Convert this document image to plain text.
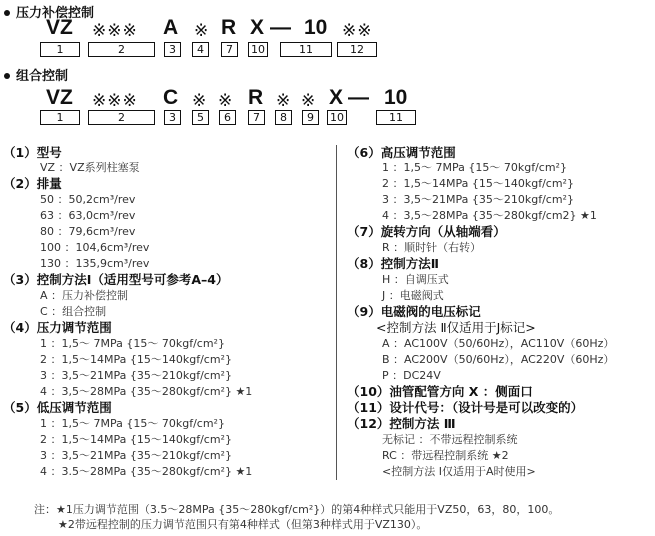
压力补偿控制
VZ ※※※ A ※ R X — 10 ※※
1	2	3	4	7	10	11	12
组合控制
VZ ※※※ C ※ ※ R ※ ※ X — 10
1	2	3	5	6	7	8	9	10	11
（1）型号
VZ ：VZ系列柱塞泵
（2）排量
50 ：50,2cm³/rev
63 ：63,0cm³/rev
80 ：79,6cm³/rev
100 ：104,6cm³/rev
130 ：135,9cm³/rev
（3）控制方法Ⅰ（适用型号可参考A–4）
A ：压力补偿控制
C ：组合控制
（4）压力调节范围
1 ：1,5～ 7MPa {15～ 70kgf/cm²}
2 ：1,5～14MPa {15～140kgf/cm²}
3 ：3,5～21MPa {35～210kgf/cm²}
4 ：3,5～28MPa {35～280kgf/cm²} ★1
（5）低压调节范围
1 ：1,5～ 7MPa {15～ 70kgf/cm²}
2 ：1,5～14MPa {15～140kgf/cm²}
3 ：3,5～21MPa {35～210kgf/cm²}
4 ：3.5～28MPa {35～280kgf/cm²} ★1
（6）高压调节范围
1 ：1,5～ 7MPa {15～ 70kgf/cm²}
2 ：1,5～14MPa {15～140kgf/cm²}
3 ：3,5～21MPa {35～210kgf/cm²}
4 ：3,5～28MPa {35～280kgf/cm2} ★1
（7）旋转方向（从轴端看）
R ：顺时针（右转）
（8）控制方法Ⅱ
H ：自调压式
J ：电磁阀式
（9）电磁阀的电压标记
<控制方法 Ⅱ仅适用于J标记>
A ：AC100V（50/60Hz），AC110V（60Hz）
B ：AC200V（50/60Hz），AC220V（60Hz）
P ：DC24V
（10）油管配管方向 X ：侧面口
（11）设计代号：（设计号是可以改变的）
（12）控制方法 Ⅲ
无标记 ：不带远程控制系统
RC ：带远程控制系统 ★2
<控制方法 Ⅰ仅适用于A时使用>
注：★1压力调节范围（3.5～28MPa {35～280kgf/cm²}）的第4种样式只能用于VZ50，63，80，100。
★2带远程控制的压力调节范围只有第4种样式（但第3种样式用于VZ130）。
